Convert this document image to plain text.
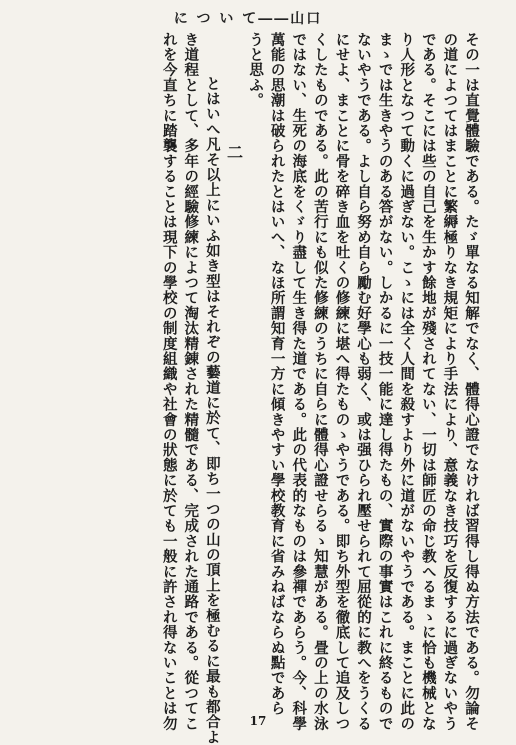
に つ い て――山口
その一は直覺體驗である。たゞ單なる知解でなく、體得心證でなければ習得し得ぬ方法である。勿論そ
の道によつてはまことに繁縟極りなき規矩により手法により、意義なき技巧を反復するに過ぎないやう
である。そこには些の自己を生かす餘地が殘されてない、一切は師匠の命じ教へるまゝに恰も機械とな
り人形となつて動くに過ぎない。こゝには全く人間を殺すより外に道がないやうである。まことに此の
まゝでは生きやうのある答がない。しかるに一技一能に達し得たもの、實際の事實はこれに終るもので
ないやうである。よし自ら努め自ら勵む好學心も弱く、或は强ひられ壓せられて屈從的に教へをうくる
にせよ、まことに骨を碎き血を吐くの修練に堪へ得たものゝやうである。即ち外型を徹底して追及しつ
くしたものである。此の苦行にも似た修練のうちに自らに體得心證せらるゝ知慧がある。畳の上の水泳
ではない、生死の海底をくゞり盡して生き得た道である。此の代表的なものは參禪であらう。今、科學
萬能の思潮は破られたとはいへ、なほ所謂知育一方に傾きやすい學校教育に省みねばならぬ點であら
うと思ふ。
二
とはいへ凡そ以上にいふ如き型はそれぞの藝道に於て、即ち一つの山の頂上を極むるに最も都合よ
き道程として、多年の經驗修練によつて淘汰精錬された精髓である、完成された通路である。從つてこ
れを今直ちに踏襲することは現下の學校の制度組織や社會の狀態に於ても一般に許され得ないことは勿	17
